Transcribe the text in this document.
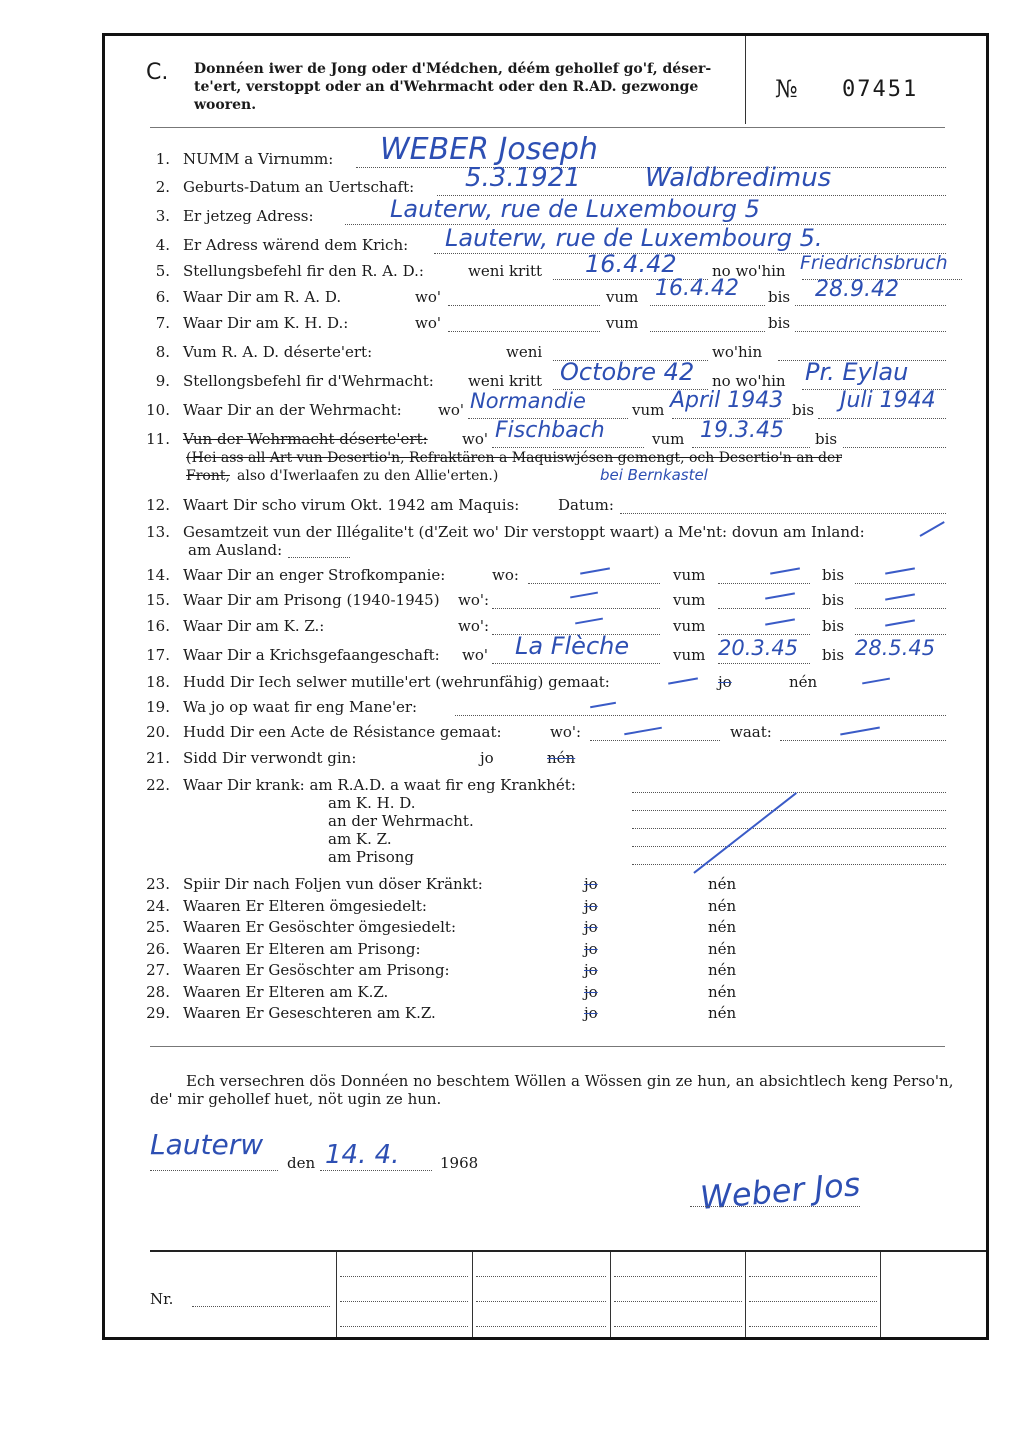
C. Donnéen iwer de Jong oder d'Médchen, déém gehollef go'f, déser-te'ert, verstoppt oder an d'Wehrmacht oder den R.AD. gezwonge wooren.
№ 07451
1. NUMM a Virnumm: WEBER Joseph
2. Geburts-Datum an Uertschaft: 5.3.1921 Waldbredimus
3. Er jetzeg Adress:	Lauterw, rue de Luxembourg 5
4. Er Adress wärend dem Krich: Lauterw, rue de Luxembourg 5.
5. Stellungsbefehl fir den R. A. D.:	weni kritt 16.4.42 no wo'hin Friedrichsbruch
6. Waar Dir am R. A. D.	wo'	vum 16.4.42 bis 28.9.42
7. Waar Dir am K. H. D.:	wo'	vum	bis
8. Vum R. A. D. déserte'ert:	weni	wo'hin
9. Stellongsbefehl fir d'Wehrmacht: weni kritt Octobre 42 no wo'hin Pr. Eylau
10. Waar Dir an der Wehrmacht: wo' Normandie	vum April 1943 bis Juli 1944
11. Vun der Wehrmacht déserte'ert: wo' Fischbach	vum 19.3.45 bis
(Hei ass all Art vun Desertio'n, Refraktären a Maquiswjésen gemengt, och Desertio'n an der
Front, also d'Iwerlaafen zu den Allie'erten.)	bei Bernkastel
12. Waart Dir scho virum Okt. 1942 am Maquis:	Datum:
13. Gesamtzeit vun der Illégalite't (d'Zeit wo' Dir verstoppt waart) a Me'nt: dovun am Inland:
am Ausland:
14. Waar Dir an enger Strofkompanie:	wo:	vum	bis
15. Waar Dir am Prisong (1940-1945) wo':	vum	bis
16. Waar Dir am K. Z.:	wo':	vum	bis
17. Waar Dir a Krichsgefaangeschaft: wo' La Flèche	vum 20.3.45 bis 28.5.45
18. Hudd Dir Iech selwer mutille'ert (wehrunfähig) gemaat:	jo	nén
19. Wa jo op waat fir eng Mane'er:
20. Hudd Dir een Acte de Résistance gemaat:	wo':	waat:
21. Sidd Dir verwondt gin:	jo	nén
22. Waar Dir krank: am R.A.D. a waat fir eng Krankhét:
am K. H. D.
an der Wehrmacht.
am K. Z.
am Prisong
23. Spiir Dir nach Foljen vun döser Kränkt:	jo	nén
24. Waaren Er Elteren ömgesiedelt:	jo	nén
25. Waaren Er Gesöschter ömgesiedelt:	jo	nén
26. Waaren Er Elteren am Prisong:	jo	nén
27. Waaren Er Gesöschter am Prisong:	jo	nén
28. Waaren Er Elteren am K.Z.	jo	nén
29. Waaren Er Geseschteren am K.Z.	jo	nén
Ech versechren dös Donnéen no beschtem Wöllen a Wössen gin ze hun, an absichtlech keng Perso'n, de' mir gehollef huet, nöt ugin ze hun.
Lauterw
den 14. 4.	1968
Weber Jos
Nr.
